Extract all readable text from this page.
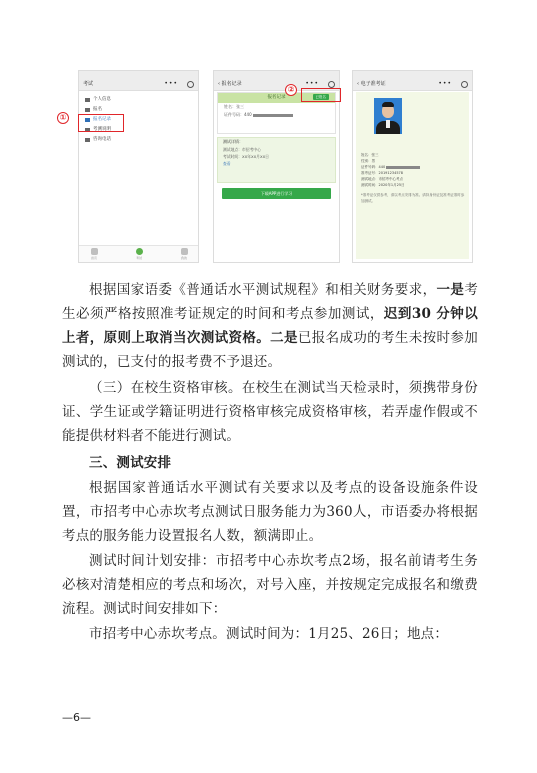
考试	•••
个人信息
报名
报名记录
考测说明
咨询电话
首页	考试	我的
①
‹ 报名记录	•••
报名记录	已报名
姓名：张三
证件号码：440
测试详情：
测试地点：市招考中心
考试时间：XX年XX月XX日
查看
下载APP进行学习
②
‹ 电子准考证	•••
姓名：张三
性别：男
证件号码：440
准考证号：20191234578
测试地点：市招考中心考点
测试时间：2020年1月25日
*准考证仅供参考，请以考点安排为准。请持身份证及准考证准时参加测试。

根据国家语委《普通话水平测试规程》和相关财务要求，一是考生必须严格按照准考证规定的时间和考点参加测试，迟到30 分钟以上者，原则上取消当次测试资格。二是已报名成功的考生未按时参加测试的，已支付的报考费不予退还。

（三）在校生资格审核。在校生在测试当天检录时，须携带身份证、学生证或学籍证明进行资格审核完成资格审核，若弄虚作假或不能提供材料者不能进行测试。

三、测试安排

根据国家普通话水平测试有关要求以及考点的设备设施条件设置，市招考中心赤坎考点测试日服务能力为360人，市语委办将根据考点的服务能力设置报名人数，额满即止。

测试时间计划安排：市招考中心赤坎考点2场，报名前请考生务必核对清楚相应的考点和场次，对号入座，并按规定完成报名和缴费流程。测试时间安排如下：

市招考中心赤坎考点。测试时间为：1月25、26日；地点：

—6—
